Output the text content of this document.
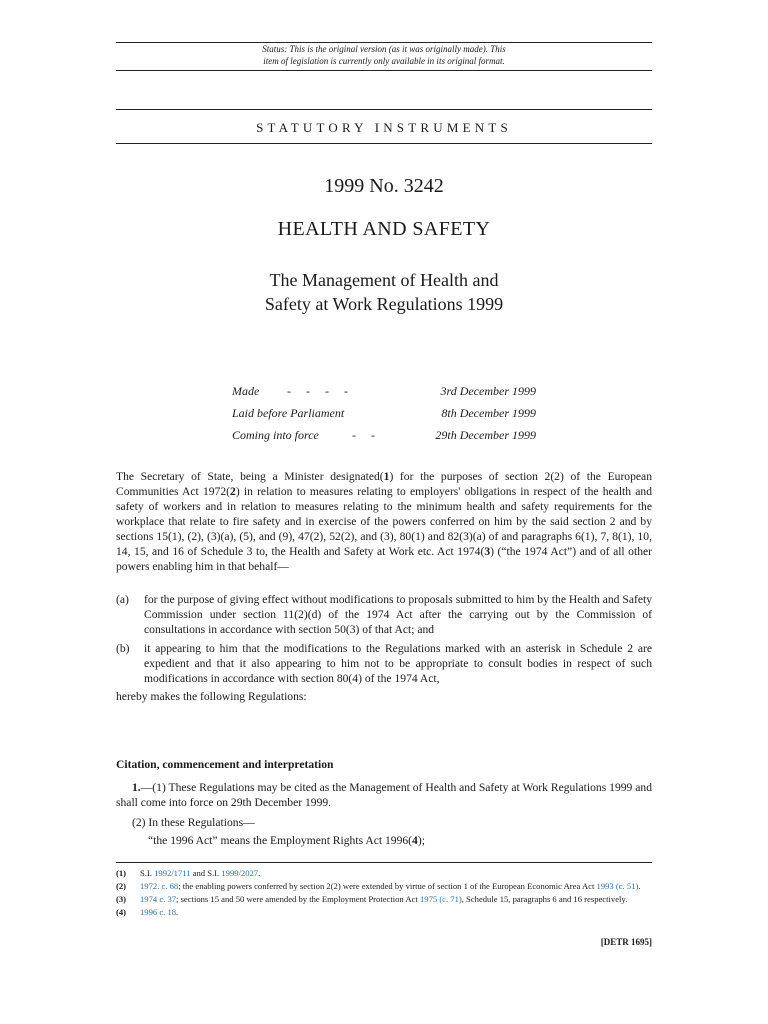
Status: This is the original version (as it was originally made). This
item of legislation is currently only available in its original format.
STATUTORY INSTRUMENTS
1999 No. 3242
HEALTH AND SAFETY
The Management of Health and
Safety at Work Regulations 1999
Made - - - -	3rd December 1999
Laid before Parliament	8th December 1999
Coming into force	- -	29th December 1999
The Secretary of State, being a Minister designated(1) for the purposes of section 2(2) of the European Communities Act 1972(2) in relation to measures relating to employers' obligations in respect of the health and safety of workers and in relation to measures relating to the minimum health and safety requirements for the workplace that relate to fire safety and in exercise of the powers conferred on him by the said section 2 and by sections 15(1), (2), (3)(a), (5), and (9), 47(2), 52(2), and (3), 80(1) and 82(3)(a) of and paragraphs 6(1), 7, 8(1), 10, 14, 15, and 16 of Schedule 3 to, the Health and Safety at Work etc. Act 1974(3) (“the 1974 Act”) and of all other powers enabling him in that behalf—
(a) for the purpose of giving effect without modifications to proposals submitted to him by the Health and Safety Commission under section 11(2)(d) of the 1974 Act after the carrying out by the Commission of consultations in accordance with section 50(3) of that Act; and
(b) it appearing to him that the modifications to the Regulations marked with an asterisk in Schedule 2 are expedient and that it also appearing to him not to be appropriate to consult bodies in respect of such modifications in accordance with section 80(4) of the 1974 Act,
hereby makes the following Regulations:
Citation, commencement and interpretation
1.—(1) These Regulations may be cited as the Management of Health and Safety at Work Regulations 1999 and shall come into force on 29th December 1999.
(2) In these Regulations—
“the 1996 Act” means the Employment Rights Act 1996(4);
(1) S.I. 1992/1711 and S.I. 1999/2027.
(2) 1972. c. 68; the enabling powers conferred by section 2(2) were extended by virtue of section 1 of the European Economic Area Act 1993 (c. 51).
(3) 1974 c. 37; sections 15 and 50 were amended by the Employment Protection Act 1975 (c. 71), Schedule 15, paragraphs 6 and 16 respectively.
(4) 1996 c. 18.
[DETR 1695]
